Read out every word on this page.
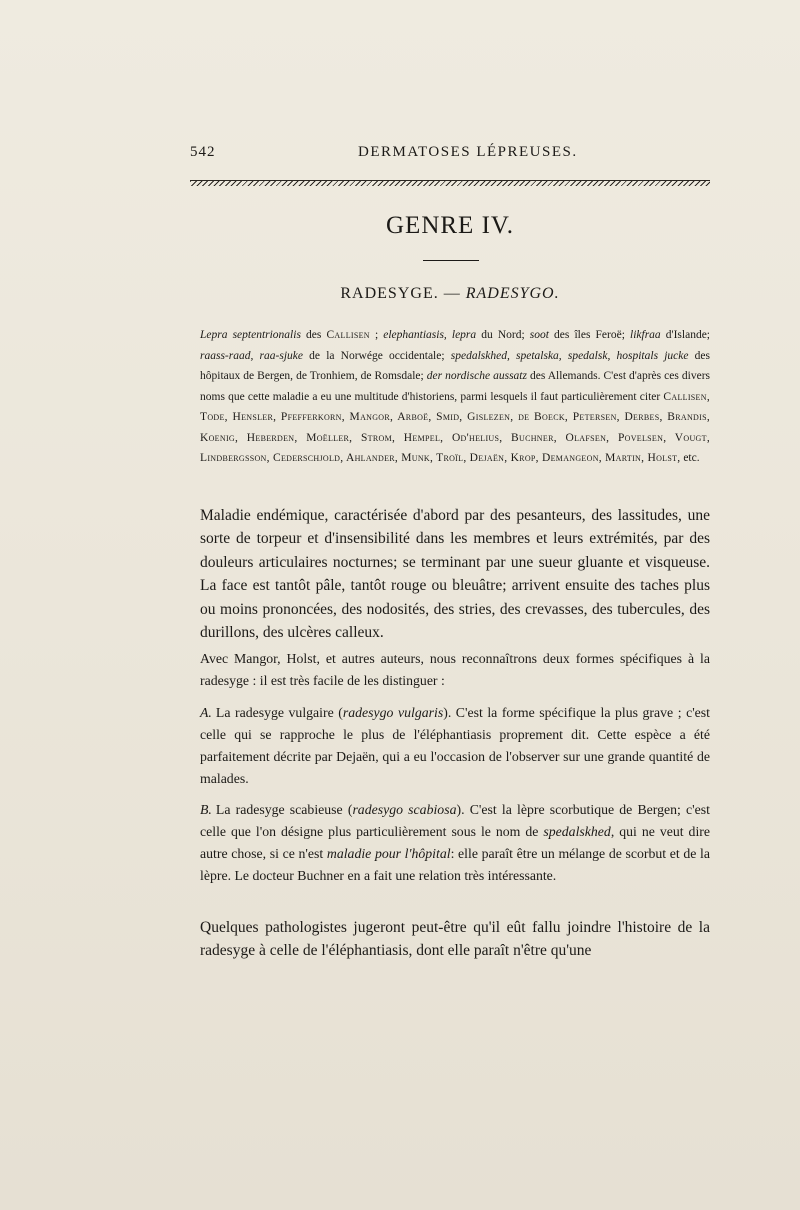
542	DERMATOSES LÉPREUSES.
GENRE IV.
RADESYGE. — RADESYGO.
Lepra septentrionalis des Callisen ; elephantiasis, lepra du Nord; soot des îles Feroë; likfraa d'Islande; raass-raad, raa-sjuke de la Norwége occidentale; spedalskhed, spetalska, spedalsk, hospitals jucke des hôpitaux de Bergen, de Tronhiem, de Romsdale; der nordische aussatz des Allemands. C'est d'après ces divers noms que cette maladie a eu une multitude d'historiens, parmi lesquels il faut particulièrement citer Callisen, Tode, Hensler, Pfefferkorn, Mangor, Arboë, Smid, Gislezen, de Boeck, Petersen, Derbes, Brandis, Koenig, Heberden, Moëller, Strom, Hempel, Od'helius, Buchner, Olafsen, Povelsen, Vougt, Lindbergsson, Cederschjold, Ahlander, Munk, Troïl, Dejaën, Krop, Demangeon, Martin, Holst, etc.

Maladie endémique, caractérisée d'abord par des pesanteurs, des lassitudes, une sorte de torpeur et d'insensibilité dans les membres et leurs extrémités, par des douleurs articulaires nocturnes; se terminant par une sueur gluante et visqueuse. La face est tantôt pâle, tantôt rouge ou bleuâtre; arrivent ensuite des taches plus ou moins prononcées, des nodosités, des stries, des crevasses, des tubercules, des durillons, des ulcères calleux.

Avec Mangor, Holst, et autres auteurs, nous reconnaîtrons deux formes spécifiques à la radesyge : il est très facile de les distinguer :

A. La radesyge vulgaire (radesygo vulgaris). C'est la forme spécifique la plus grave ; c'est celle qui se rapproche le plus de l'éléphantiasis proprement dit. Cette espèce a été parfaitement décrite par Dejaën, qui a eu l'occasion de l'observer sur une grande quantité de malades.

B. La radesyge scabieuse (radesygo scabiosa). C'est la lèpre scorbutique de Bergen; c'est celle que l'on désigne plus particulièrement sous le nom de spedalskhed, qui ne veut dire autre chose, si ce n'est maladie pour l'hôpital: elle paraît être un mélange de scorbut et de la lèpre. Le docteur Buchner en a fait une relation très intéressante.

Quelques pathologistes jugeront peut-être qu'il eût fallu joindre l'histoire de la radesyge à celle de l'éléphantiasis, dont elle paraît n'être qu'une
